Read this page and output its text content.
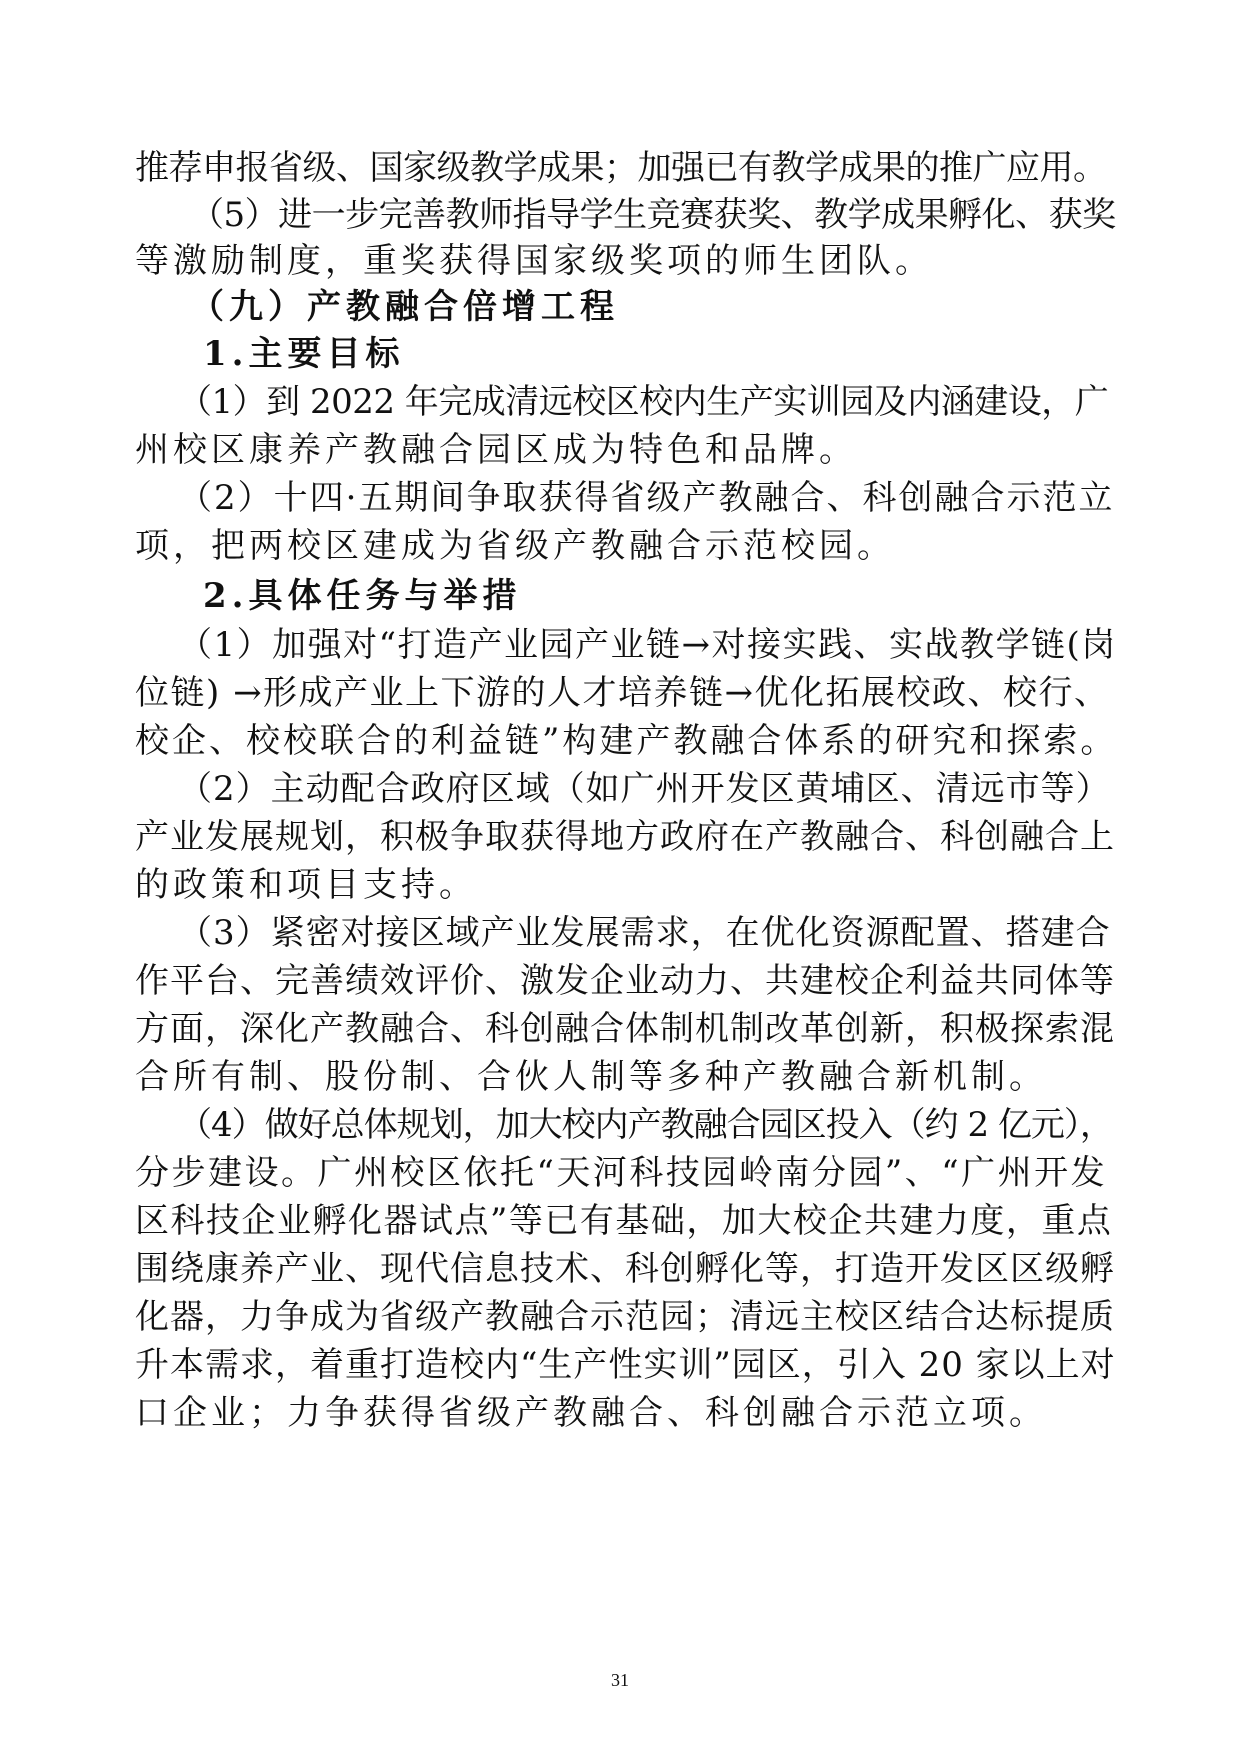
推荐申报省级、国家级教学成果；加强已有教学成果的推广应用。
（5）进一步完善教师指导学生竞赛获奖、教学成果孵化、获奖
等激励制度，重奖获得国家级奖项的师生团队。
（九）产教融合倍增工程
1.主要目标
（1）到 2022 年完成清远校区校内生产实训园及内涵建设，广
州校区康养产教融合园区成为特色和品牌。
（2）十四·五期间争取获得省级产教融合、科创融合示范立
项，把两校区建成为省级产教融合示范校园。
2.具体任务与举措
（1）加强对“打造产业园产业链→对接实践、实战教学链(岗
位链) →形成产业上下游的人才培养链→优化拓展校政、校行、
校企、校校联合的利益链”构建产教融合体系的研究和探索。
（2）主动配合政府区域（如广州开发区黄埔区、清远市等）
产业发展规划，积极争取获得地方政府在产教融合、科创融合上
的政策和项目支持。
（3）紧密对接区域产业发展需求，在优化资源配置、搭建合
作平台、完善绩效评价、激发企业动力、共建校企利益共同体等
方面，深化产教融合、科创融合体制机制改革创新，积极探索混
合所有制、股份制、合伙人制等多种产教融合新机制。
（4）做好总体规划，加大校内产教融合园区投入（约 2 亿元），
分步建设。广州校区依托“天河科技园岭南分园”、“广州开发
区科技企业孵化器试点”等已有基础，加大校企共建力度，重点
围绕康养产业、现代信息技术、科创孵化等，打造开发区区级孵
化器，力争成为省级产教融合示范园；清远主校区结合达标提质
升本需求，着重打造校内“生产性实训”园区，引入 20 家以上对
口企业；力争获得省级产教融合、科创融合示范立项。
31
